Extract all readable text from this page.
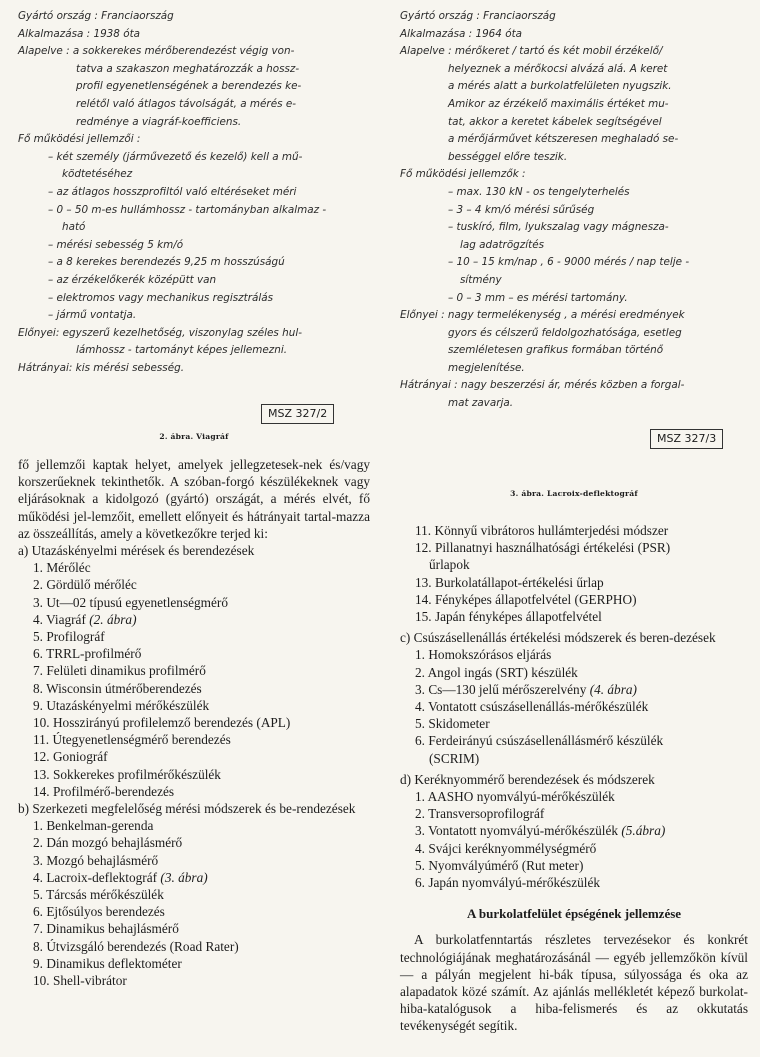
Gyártó ország : Franciaország
Alkalmazása : 1938 óta
Alapelve : a sokkerekes mérőberendezést végig von-
tatva a szakaszon meghatározzák a hossz-
profil egyenetlenségének a berendezés ke-
relétől való átlagos távolságát, a mérés e-
redménye a viagráf-koefficiens.
Fő működési jellemzői :
– két személy (járművezető és kezelő) kell a mű-
ködtetéséhez
– az átlagos hosszprofiltól való eltéréseket méri
– 0 – 50 m-es hullámhossz - tartományban alkalmaz -
ható
– mérési sebesség 5 km/ó
– a 8 kerekes berendezés 9,25 m hosszúságú
– az érzékelőkerék középütt van
– elektromos vagy mechanikus regisztrálás
– jármű vontatja.
Előnyei: egyszerű kezelhetőség, viszonylag széles hul-
lámhossz - tartományt képes jellemezni.
Hátrányai: kis mérési sebesség.
MSZ 327/2
2. ábra. Viagráf
fő jellemzői kaptak helyet, amelyek jellegzetesek-nek és/vagy korszerűeknek tekinthetők. A szóban-forgó készülékeknek vagy eljárásoknak a kidolgozó (gyártó) országát, a mérés elvét, fő működési jel-lemzőit, emellett előnyeit és hátrányait tartal-mazza az összeállítás, amely a következőkre terjed ki:
a) Utazáskényelmi mérések és berendezések
1. Mérőléc
2. Gördülő mérőléc
3. Ut—02 típusú egyenetlenségmérő
4. Viagráf (2. ábra)
5. Profilográf
6. TRRL-profilmérő
7. Felületi dinamikus profilmérő
8. Wisconsin útmérőberendezés
9. Utazáskényelmi mérőkészülék
10. Hosszirányú profilelemző berendezés (APL)
11. Útegyenetlenségmérő berendezés
12. Goniográf
13. Sokkerekes profilmérőkészülék
14. Profilmérő-berendezés
b) Szerkezeti megfelelőség mérési módszerek és be-rendezések
1. Benkelman-gerenda
2. Dán mozgó behajlásmérő
3. Mozgó behajlásmérő
4. Lacroix-deflektográf (3. ábra)
5. Tárcsás mérőkészülék
6. Ejtősúlyos berendezés
7. Dinamikus behajlásmérő
8. Útvizsgáló berendezés (Road Rater)
9. Dinamikus deflektométer
10. Shell-vibrátor
Gyártó ország : Franciaország
Alkalmazása : 1964 óta
Alapelve : mérőkeret / tartó és két mobil érzékelő/
helyeznek a mérőkocsi alvázá alá. A keret
a mérés alatt a burkolatfelületen nyugszik.
Amikor az érzékelő maximális értéket mu-
tat, akkor a keretet kábelek segítségével
a mérőjárművet kétszeresen meghaladó se-
bességgel előre teszik.
Fő működési jellemzők :
– max. 130 kN - os tengelyterhelés
– 3 – 4 km/ó mérési sűrűség
– tuskíró, film, lyukszalag vagy mágnesza-
lag adatrögzítés
– 10 – 15 km/nap , 6 - 9000 mérés / nap telje -
sítmény
– 0 – 3 mm – es mérési tartomány.
Előnyei : nagy termelékenység , a mérési eredmények
gyors és célszerű feldolgozhatósága, esetleg
szemléletesen grafikus formában történő
megjelenítése.
Hátrányai : nagy beszerzési ár, mérés közben a forgal-
mat zavarja.
MSZ 327/3
3. ábra. Lacroix-deflektográf
11. Könnyű vibrátoros hullámterjedési módszer
12. Pillanatnyi használhatósági értékelési (PSR)
űrlapok
13. Burkolatállapot-értékelési űrlap
14. Fényképes állapotfelvétel (GERPHO)
15. Japán fényképes állapotfelvétel
c) Csúszásellenállás értékelési módszerek és beren-dezések
1. Homokszórásos eljárás
2. Angol ingás (SRT) készülék
3. Cs—130 jelű mérőszerelvény (4. ábra)
4. Vontatott csúszásellenállás-mérőkészülék
5. Skidometer
6. Ferdeirányú csúszásellenállásmérő készülék
(SCRIM)
d) Keréknyommérő berendezések és módszerek
1. AASHO nyomvályú-mérőkészülék
2. Transversoprofilográf
3. Vontatott nyomvályú-mérőkészülék (5.ábra)
4. Svájci keréknyommélységmérő
5. Nyomvályúmérő (Rut meter)
6. Japán nyomvályú-mérőkészülék
A burkolatfelület épségének jellemzése
A burkolatfenntartás részletes tervezésekor és konkrét technológiájának meghatározásánál — egyéb jellemzőkön kívül — a pályán megjelent hi-bák típusa, súlyossága és oka az alapadatok közé számít. Az ajánlás mellékletét képező burkolat-hiba-katalógusok a hiba-felismerés és az okkutatás tevékenységét segítik.
